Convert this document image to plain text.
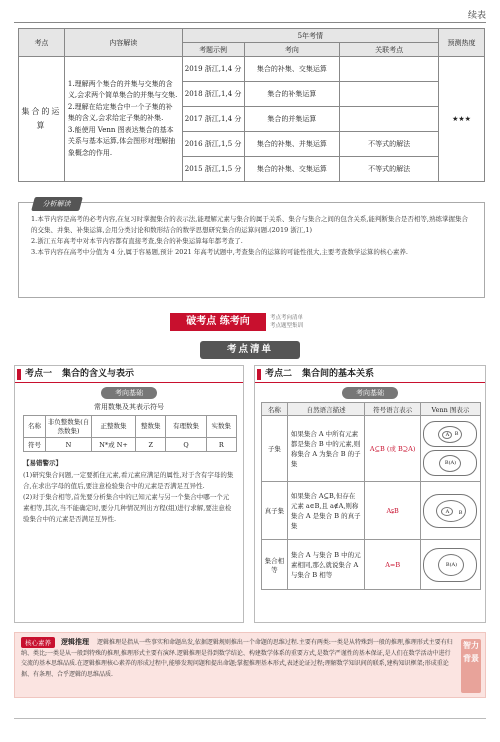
续表
考点	内容解读	5年考情			预测热度
		考题示例	考向	关联考点	
集合的运算	1.理解两个集合的并集与交集的含义,会求两个简单集合的并集与交集.
2.理解在给定集合中一个子集的补集的含义,会求给定子集的补集.
3.能使用 Venn 图表达集合的基本关系与基本运算,体会图形对理解抽象概念的作用.	2019 浙江,1,4 分	集合的补集、交集运算		★★★
		2018 浙江,1,4 分	集合的补集运算		
		2017 浙江,1,4 分	集合的并集运算		
		2016 浙江,1,5 分	集合的补集、并集运算	不等式的解法	
		2015 浙江,1,5 分	集合的补集、交集运算	不等式的解法	
分析解读
1.本节内容是高考的必考内容,在复习时掌握集合的表示法,能理解元素与集合的属于关系、集合与集合之间的包含关系,能判断集合是否相等,熟练掌握集合的交集、并集、补集运算,会用分类讨论和数形结合的数学思想研究集合的运算问题.(2019 浙江,1)
2.浙江五年高考中对本节内容都有直接考查,集合的补集运算每年都考查了.
3.本节内容在高考中分值为 4 分,属于容易题,预计 2021 年高考试题中,考查集合的运算的可能性很大,主要考查数学运算的核心素养.
破考点 练考向	考点考向清单
考点题型集训
考点清单
考点一 集合的含义与表示
考向基础
常用数集及其表示符号
名称	非负整数集(自然数集)	正整数集	整数集	有理数集	实数集
符号	N	N*或 N+	Z	Q	R
【易错警示】

(1)研究集合问题,一定要抓住元素,看元素应满足的属性,对于含有字母的集合,在求出字母的值后,要注意检验集合中的元素是否满足互异性.

(2)对于集合相等,首先要分析集合中的已知元素与另一个集合中哪一个元素相等,其次,当不能确定时,要分几种情况列出方程(组)进行求解,要注意检验集合中的元素是否满足互异性.

考点二 集合间的基本关系
考向基础
名称	自然语言描述	符号语言表示	Venn 图表示
子集	如果集合 A 中所有元素都是集合 B 中的元素,则称集合 A 为集合 B 的子集	A⊆B (或 B⊇A)	B
A
B(A)

真子集	如果集合 A⊆B,但存在元素 a∈B,且 a∉A,则称集合 A 是集合 B 的真子集	A⫋B	B
A

集合相等	集合 A 与集合 B 中的元素相同,那么就说集合 A 与集合 B 相等	A=B	B(A)
核心素养	逻辑推理	逻辑推理是指从一些事实和命题出发,依据逻辑规则推出一个命题的思维过程.主要有两类:一类是从特殊到一般的推理,推理形式主要有归纳、类比;一类是从一般到特殊的推理,推理形式主要有演绎.逻辑推理是得到数学结论、构建数学体系的重要方式,是数学严谨性的基本保证,是人们在数学活动中进行交流的基本思维品质.在逻辑推理核心素养的形成过程中,能够发现问题和提出命题;掌握推理基本形式,表述论证过程;理解数学知识间的联系,建构知识框架;形成重论据、有条理、合乎逻辑的思维品质.
智力背景
